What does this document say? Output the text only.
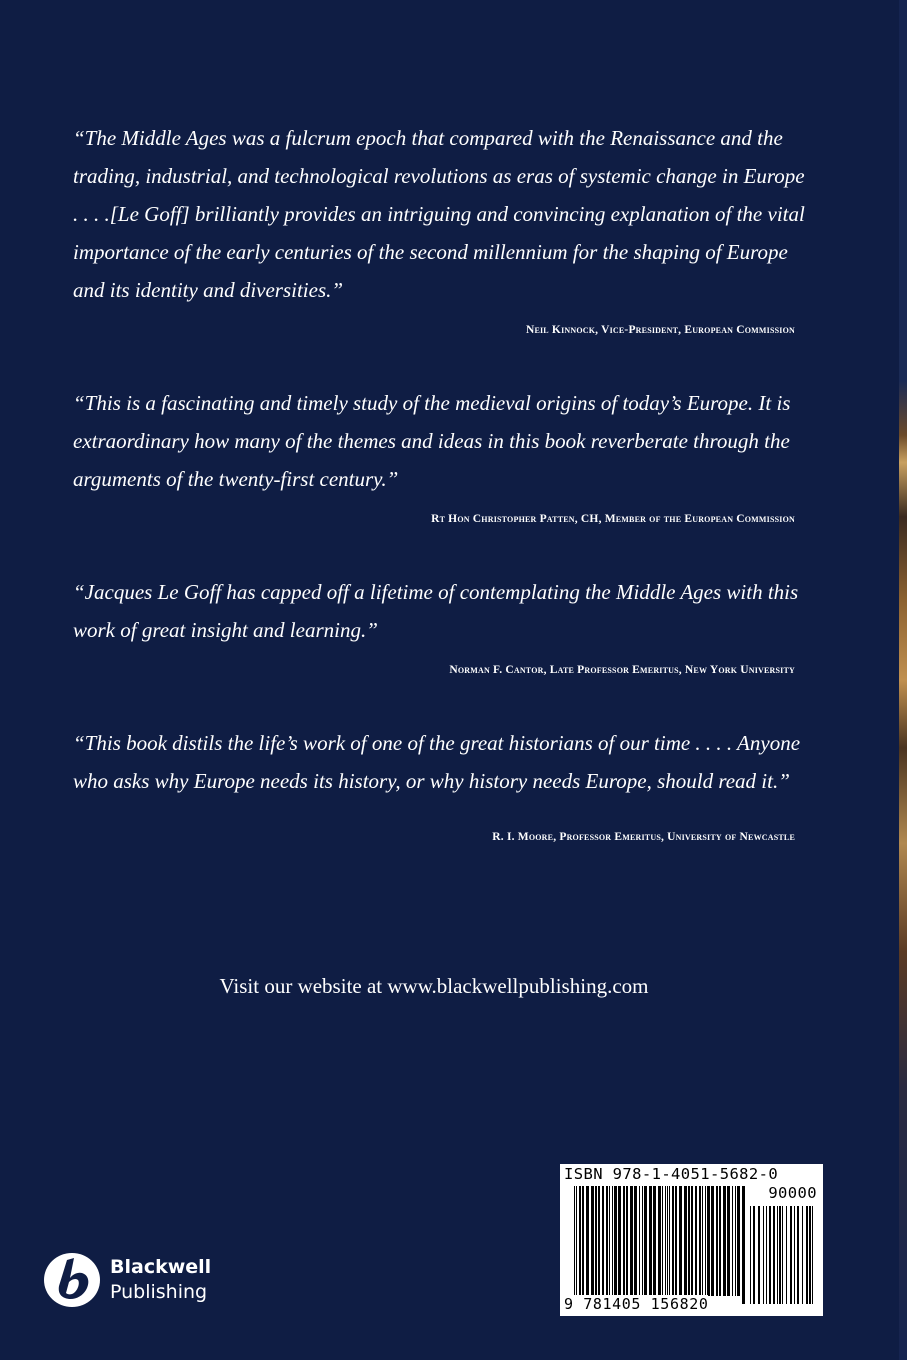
“The Middle Ages was a fulcrum epoch that compared with the Renaissance and the trading, industrial, and technological revolutions as eras of systemic change in Europe . . . .[Le Goff] brilliantly provides an intriguing and convincing explanation of the vital importance of the early centuries of the second millennium for the shaping of Europe and its identity and diversities.”

Neil Kinnock, Vice-President, European Commission

“This is a fascinating and timely study of the medieval origins of today’s Europe. It is extraordinary how many of the themes and ideas in this book reverberate through the arguments of the twenty-first century.”

Rt Hon Christopher Patten, CH, Member of the European Commission

“Jacques Le Goff has capped off a lifetime of contemplating the Middle Ages with this work of great insight and learning.”

Norman F. Cantor, Late Professor Emeritus, New York University

“This book distils the life’s work of one of the great historians of our time . . . . Anyone who asks why Europe needs its history, or why history needs Europe, should read it.”

R. I. Moore, Professor Emeritus, University of Newcastle
Visit our website at www.blackwellpublishing.com
ISBN 978-1-4051-5682-0
90000
9 781405 156820
Blackwell
Publishing
